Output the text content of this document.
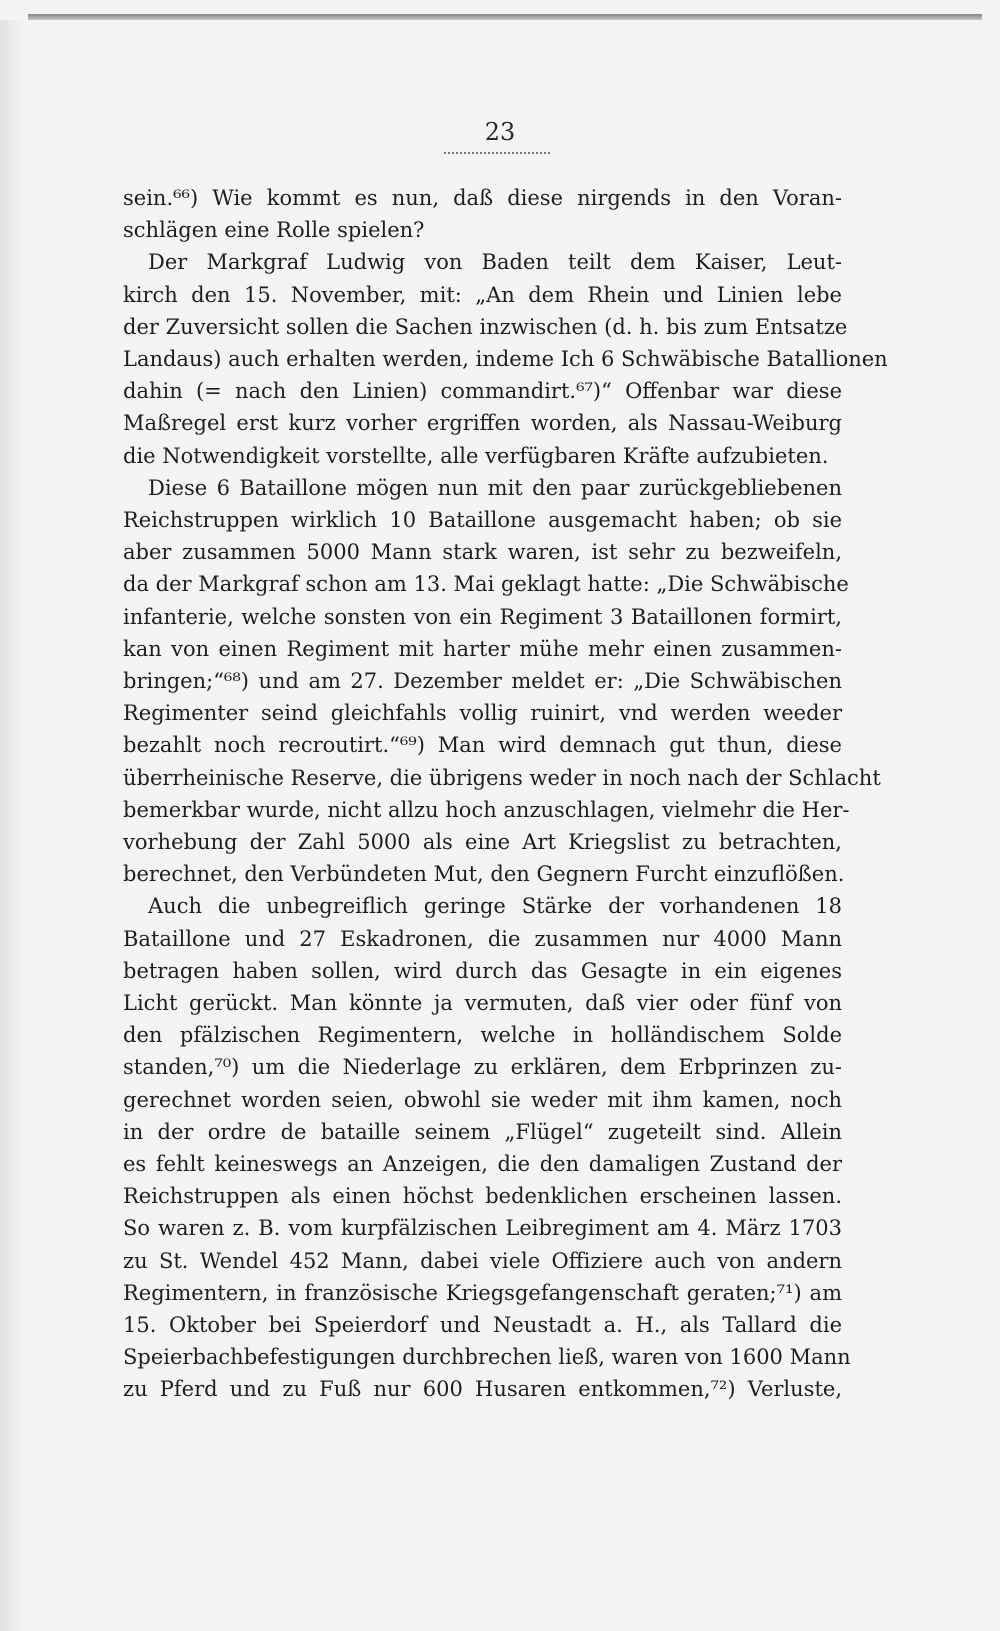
23
sein.⁶⁶) Wie kommt es nun, daß diese nirgends in den Voran-
schlägen eine Rolle spielen?
Der Markgraf Ludwig von Baden teilt dem Kaiser, Leut-
kirch den 15. November, mit: „An dem Rhein und Linien lebe
der Zuversicht sollen die Sachen inzwischen (d. h. bis zum Entsatze
Landaus) auch erhalten werden, indeme Ich 6 Schwäbische Batallionen
dahin (= nach den Linien) commandirt.⁶⁷)“ Offenbar war diese
Maßregel erst kurz vorher ergriffen worden, als Nassau-Weiburg
die Notwendigkeit vorstellte, alle verfügbaren Kräfte aufzubieten.
Diese 6 Bataillone mögen nun mit den paar zurückgebliebenen
Reichstruppen wirklich 10 Bataillone ausgemacht haben; ob sie
aber zusammen 5000 Mann stark waren, ist sehr zu bezweifeln,
da der Markgraf schon am 13. Mai geklagt hatte: „Die Schwäbische
infanterie, welche sonsten von ein Regiment 3 Bataillonen formirt,
kan von einen Regiment mit harter mühe mehr einen zusammen-
bringen;“⁶⁸) und am 27. Dezember meldet er: „Die Schwäbischen
Regimenter seind gleichfahls vollig ruinirt, vnd werden weeder
bezahlt noch recroutirt.“⁶⁹) Man wird demnach gut thun, diese
überrheinische Reserve, die übrigens weder in noch nach der Schlacht
bemerkbar wurde, nicht allzu hoch anzuschlagen, vielmehr die Her-
vorhebung der Zahl 5000 als eine Art Kriegslist zu betrachten,
berechnet, den Verbündeten Mut, den Gegnern Furcht einzuflößen.
Auch die unbegreiflich geringe Stärke der vorhandenen 18
Bataillone und 27 Eskadronen, die zusammen nur 4000 Mann
betragen haben sollen, wird durch das Gesagte in ein eigenes
Licht gerückt. Man könnte ja vermuten, daß vier oder fünf von
den pfälzischen Regimentern, welche in holländischem Solde
standen,⁷⁰) um die Niederlage zu erklären, dem Erbprinzen zu-
gerechnet worden seien, obwohl sie weder mit ihm kamen, noch
in der ordre de bataille seinem „Flügel“ zugeteilt sind. Allein
es fehlt keineswegs an Anzeigen, die den damaligen Zustand der
Reichstruppen als einen höchst bedenklichen erscheinen lassen.
So waren z. B. vom kurpfälzischen Leibregiment am 4. März 1703
zu St. Wendel 452 Mann, dabei viele Offiziere auch von andern
Regimentern, in französische Kriegsgefangenschaft geraten;⁷¹) am
15. Oktober bei Speierdorf und Neustadt a. H., als Tallard die
Speierbachbefestigungen durchbrechen ließ, waren von 1600 Mann
zu Pferd und zu Fuß nur 600 Husaren entkommen,⁷²) Verluste,
